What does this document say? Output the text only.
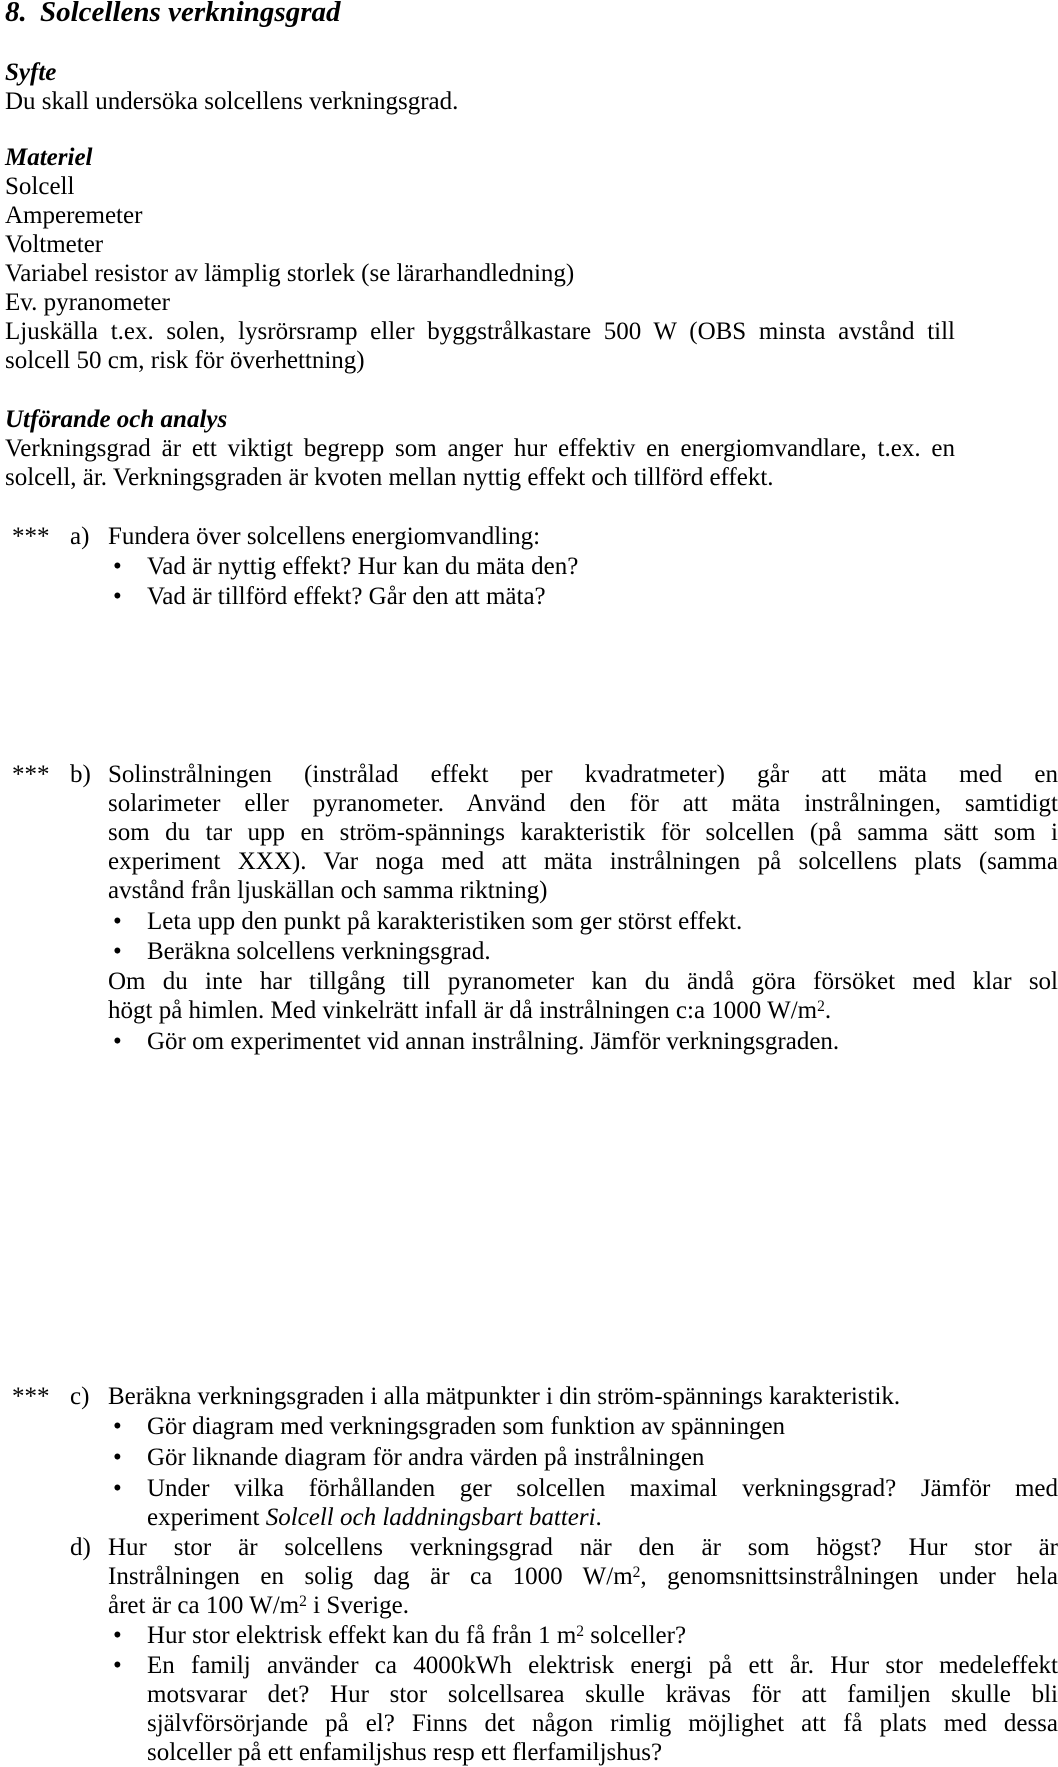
8. Solcellens verkningsgrad
Syfte
Du skall undersöka solcellens verkningsgrad.
Materiel
Solcell
Amperemeter
Voltmeter
Variabel resistor av lämplig storlek (se lärarhandledning)
Ev. pyranometer
Ljuskälla t.ex. solen, lysrörsramp eller byggstrålkastare 500 W (OBS minsta avstånd till
solcell 50 cm, risk för överhettning)
Utförande och analys
Verkningsgrad är ett viktigt begrepp som anger hur effektiv en energiomvandlare, t.ex. en
solcell, är. Verkningsgraden är kvoten mellan nyttig effekt och tillförd effekt.
*** a) Fundera över solcellens energiomvandling:
• Vad är nyttig effekt? Hur kan du mäta den?
• Vad är tillförd effekt? Går den att mäta?
*** b) Solinstrålningen (instrålad effekt per kvadratmeter) går att mäta med en
solarimeter eller pyranometer. Använd den för att mäta instrålningen, samtidigt
som du tar upp en ström-spännings karakteristik för solcellen (på samma sätt som i
experiment XXX). Var noga med att mäta instrålningen på solcellens plats (samma
avstånd från ljuskällan och samma riktning)
• Leta upp den punkt på karakteristiken som ger störst effekt.
• Beräkna solcellens verkningsgrad.
Om du inte har tillgång till pyranometer kan du ändå göra försöket med klar sol
högt på himlen. Med vinkelrätt infall är då instrålningen c:a 1000 $W/m^2$.
• Gör om experimentet vid annan instrålning. Jämför verkningsgraden.
*** c) Beräkna verkningsgraden i alla mätpunkter i din ström-spännings karakteristik.
• Gör diagram med verkningsgraden som funktion av spänningen
• Gör liknande diagram för andra värden på instrålningen
• Under vilka förhållanden ger solcellen maximal verkningsgrad? Jämför med
experiment Solcell och laddningsbart batteri.
d) Hur stor är solcellens verkningsgrad när den är som högst? Hur stor är
Instrålningen en solig dag är ca 1000 $W/m^2$, genomsnittsinstrålningen under hela
året är ca 100 $W/m^2$ i Sverige.
• Hur stor elektrisk effekt kan du få från 1 $m^2$ solceller?
• En familj använder ca 4000kWh elektrisk energi på ett år. Hur stor medeleffekt
motsvarar det? Hur stor solcellsarea skulle krävas för att familjen skulle bli
självförsörjande på el? Finns det någon rimlig möjlighet att få plats med dessa
solceller på ett enfamiljshus resp ett flerfamiljshus?
